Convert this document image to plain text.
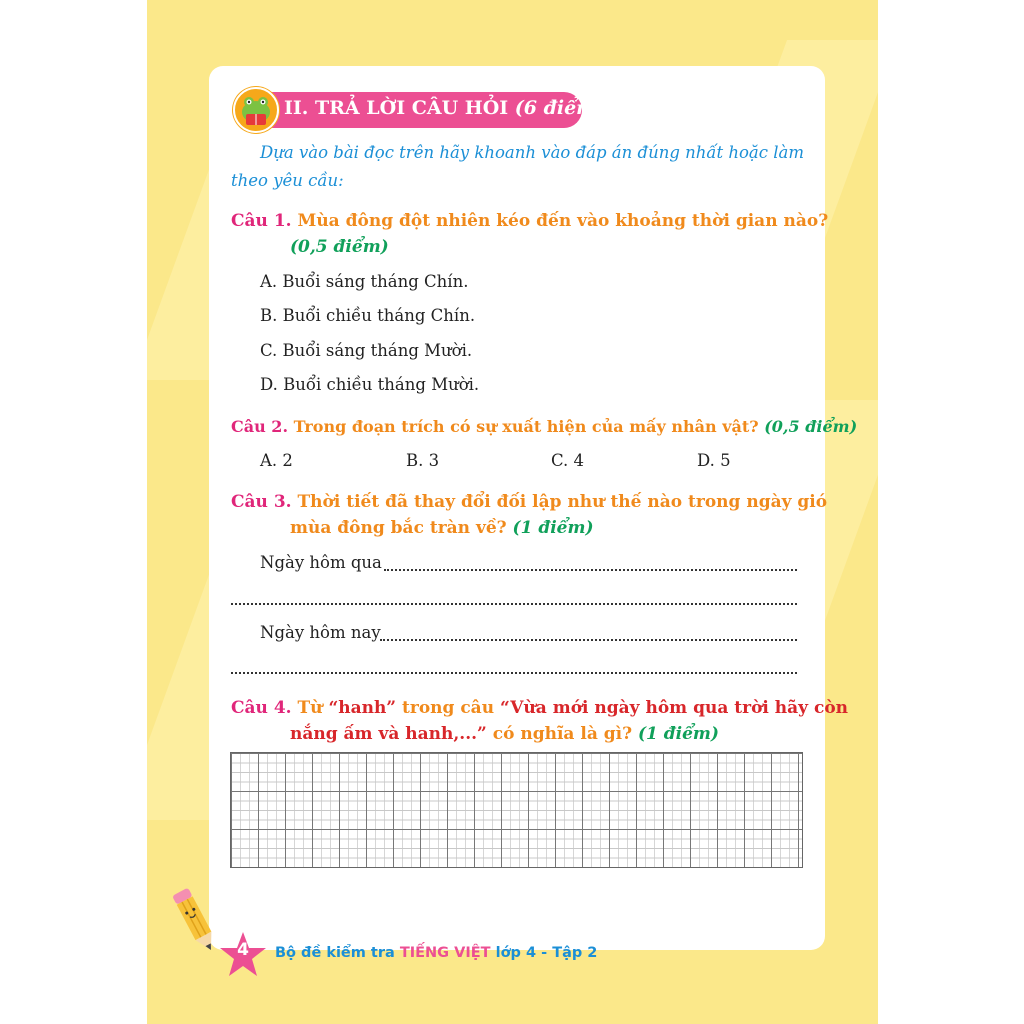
II. TRẢ LỜI CÂU HỎI (6 điểm)
Dựa vào bài đọc trên hãy khoanh vào đáp án đúng nhất hoặc làm
theo yêu cầu:
Câu 1. Mùa đông đột nhiên kéo đến vào khoảng thời gian nào?
(0,5 điểm)
A. Buổi sáng tháng Chín.
B. Buổi chiều tháng Chín.
C. Buổi sáng tháng Mười.
D. Buổi chiều tháng Mười.
Câu 2. Trong đoạn trích có sự xuất hiện của mấy nhân vật? (0,5 điểm)
A. 2	B. 3	C. 4	D. 5
Câu 3. Thời tiết đã thay đổi đối lập như thế nào trong ngày gió
mùa đông bắc tràn về? (1 điểm)
Ngày hôm qua
Ngày hôm nay
Câu 4. Từ “hanh” trong câu “Vừa mới ngày hôm qua trời hãy còn
nắng ấm và hanh,...” có nghĩa là gì? (1 điểm)
4	Bộ đề kiểm tra TIẾNG VIỆT lớp 4 - Tập 2
